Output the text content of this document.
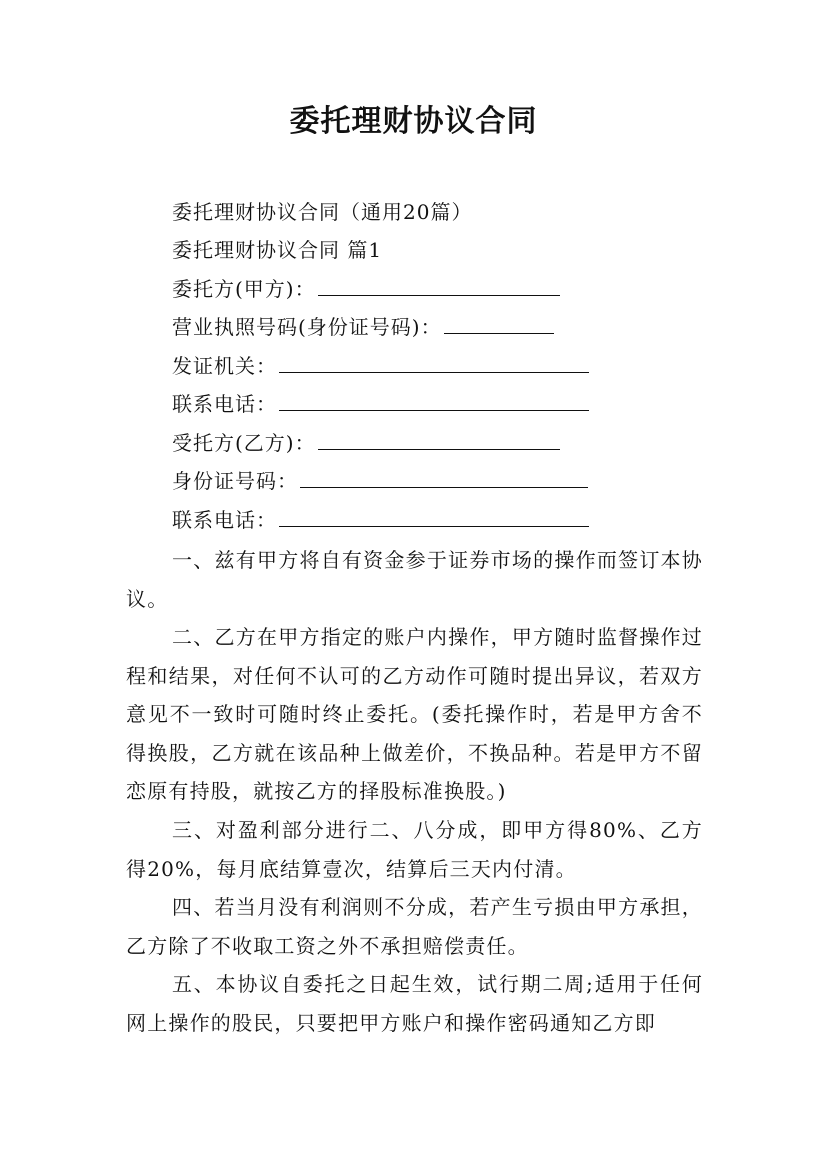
委托理财协议合同
委托理财协议合同（通用20篇）
委托理财协议合同 篇1
委托方(甲方)：
营业执照号码(身份证号码)：
发证机关：
联系电话：
受托方(乙方)：
身份证号码：
联系电话：
一、兹有甲方将自有资金参于证券市场的操作而签订本协议。
二、乙方在甲方指定的账户内操作，甲方随时监督操作过程和结果，对任何不认可的乙方动作可随时提出异议，若双方意见不一致时可随时终止委托。(委托操作时，若是甲方舍不得换股，乙方就在该品种上做差价，不换品种。若是甲方不留恋原有持股，就按乙方的择股标准换股。)
三、对盈利部分进行二、八分成，即甲方得80%、乙方得20%，每月底结算壹次，结算后三天内付清。
四、若当月没有利润则不分成，若产生亏损由甲方承担，乙方除了不收取工资之外不承担赔偿责任。
五、本协议自委托之日起生效，试行期二周;适用于任何网上操作的股民，只要把甲方账户和操作密码通知乙方即
